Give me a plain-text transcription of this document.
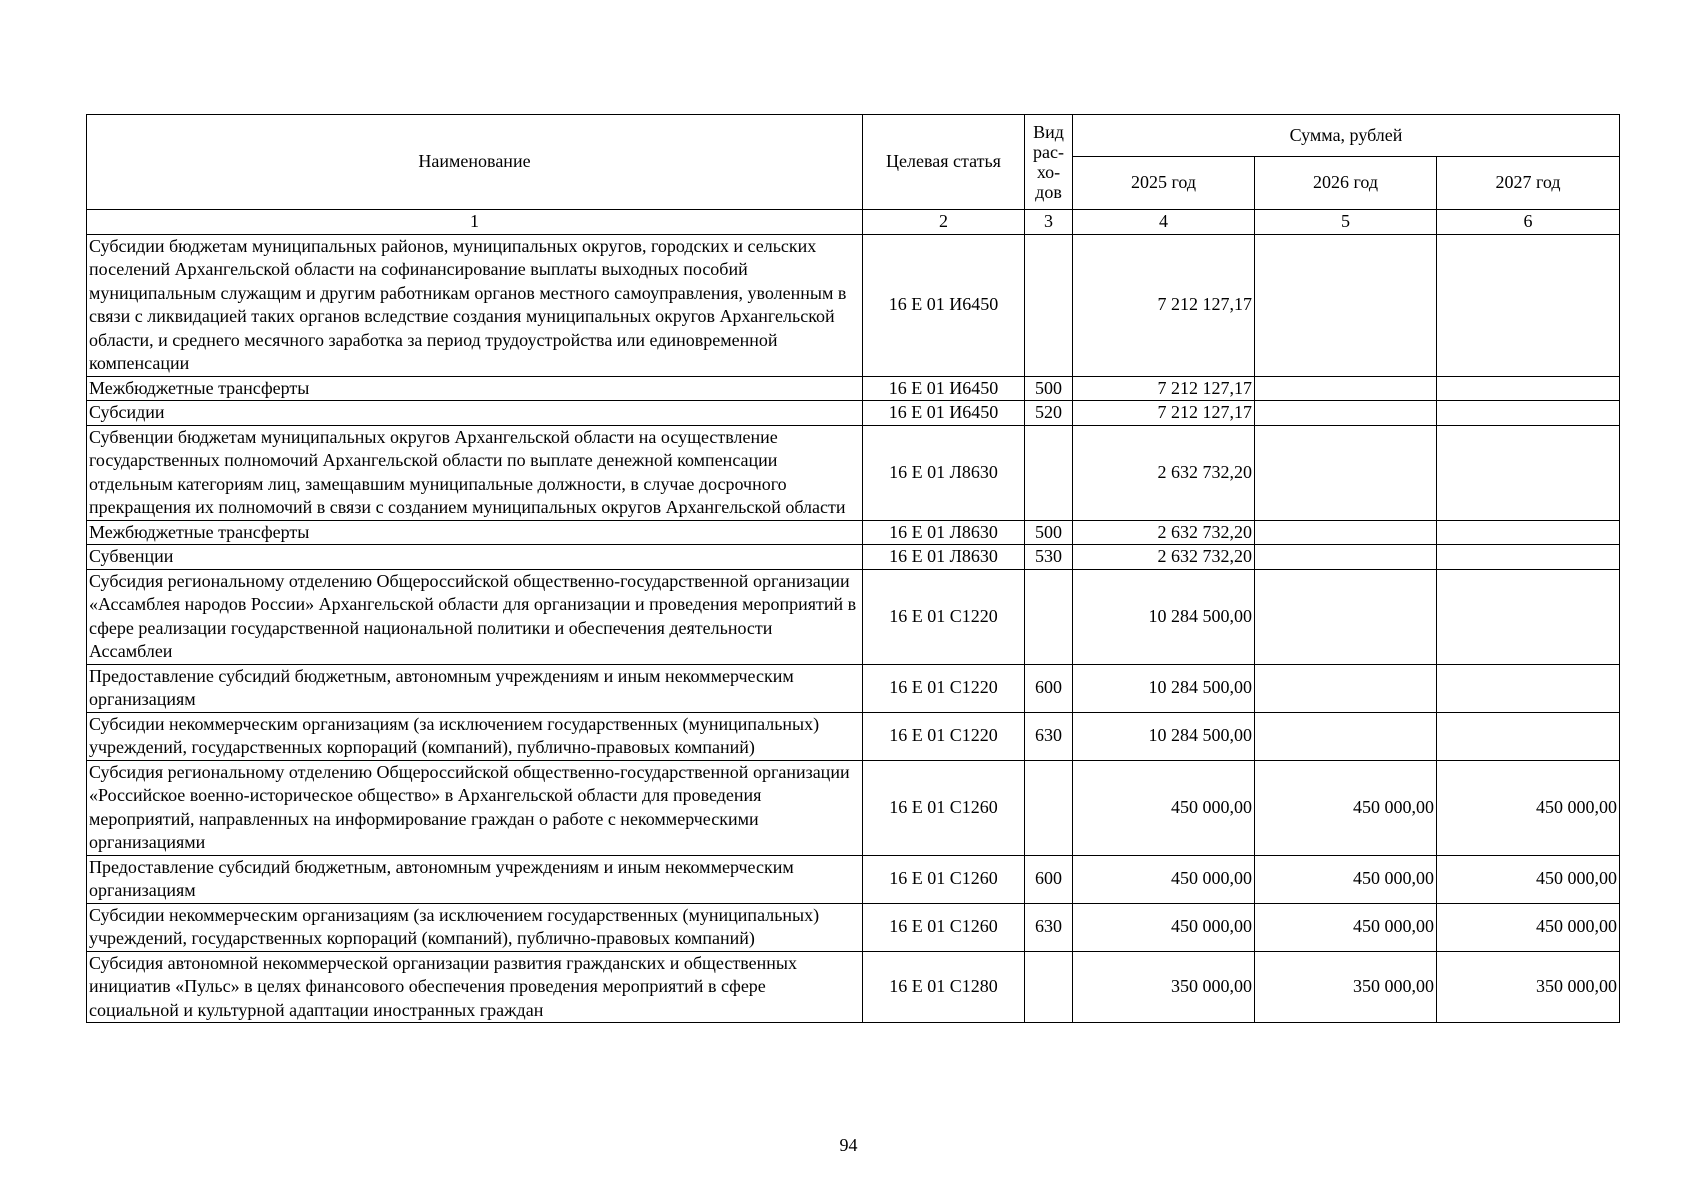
Наименование	Целевая статья	Вид рас-хо-дов	Сумма, рублей		
			2025 год	2026 год	2027 год
1	2	3	4	5	6
Субсидии бюджетам муниципальных районов, муниципальных округов, городских и сельских поселений Архангельской области на софинансирование выплаты выходных пособий муниципальным служащим и другим работникам органов местного самоуправления, уволенным в связи с ликвидацией таких органов вследствие создания муниципальных округов Архангельской области, и среднего месячного заработка за период трудоустройства или единовременной компенсации	16 Е 01 И6450		7 212 127,17		
Межбюджетные трансферты	16 Е 01 И6450	500	7 212 127,17		
Субсидии	16 Е 01 И6450	520	7 212 127,17		
Субвенции бюджетам муниципальных округов Архангельской области на осуществление государственных полномочий Архангельской области по выплате денежной компенсации отдельным категориям лиц, замещавшим муниципальные должности, в случае досрочного прекращения их полномочий в связи с созданием муниципальных округов Архангельской области	16 Е 01 Л8630		2 632 732,20		
Межбюджетные трансферты	16 Е 01 Л8630	500	2 632 732,20		
Субвенции	16 Е 01 Л8630	530	2 632 732,20		
Субсидия региональному отделению Общероссийской общественно-государственной организации «Ассамблея народов России» Архангельской области для организации и проведения мероприятий в сфере реализации государственной национальной политики и обеспечения деятельности Ассамблеи	16 Е 01 С1220		10 284 500,00		
Предоставление субсидий бюджетным, автономным учреждениям и иным некоммерческим организациям	16 Е 01 С1220	600	10 284 500,00		
Субсидии некоммерческим организациям (за исключением государственных (муниципальных) учреждений, государственных корпораций (компаний), публично-правовых компаний)	16 Е 01 С1220	630	10 284 500,00		
Субсидия региональному отделению Общероссийской общественно-государственной организации «Российское военно-историческое общество» в Архангельской области для проведения мероприятий, направленных на информирование граждан о работе с некоммерческими организациями	16 Е 01 С1260		450 000,00	450 000,00	450 000,00
Предоставление субсидий бюджетным, автономным учреждениям и иным некоммерческим организациям	16 Е 01 С1260	600	450 000,00	450 000,00	450 000,00
Субсидии некоммерческим организациям (за исключением государственных (муниципальных) учреждений, государственных корпораций (компаний), публично-правовых компаний)	16 Е 01 С1260	630	450 000,00	450 000,00	450 000,00
Субсидия автономной некоммерческой организации развития гражданских и общественных инициатив «Пульс» в целях финансового обеспечения проведения мероприятий в сфере социальной и культурной адаптации иностранных граждан	16 Е 01 С1280		350 000,00	350 000,00	350 000,00
94
